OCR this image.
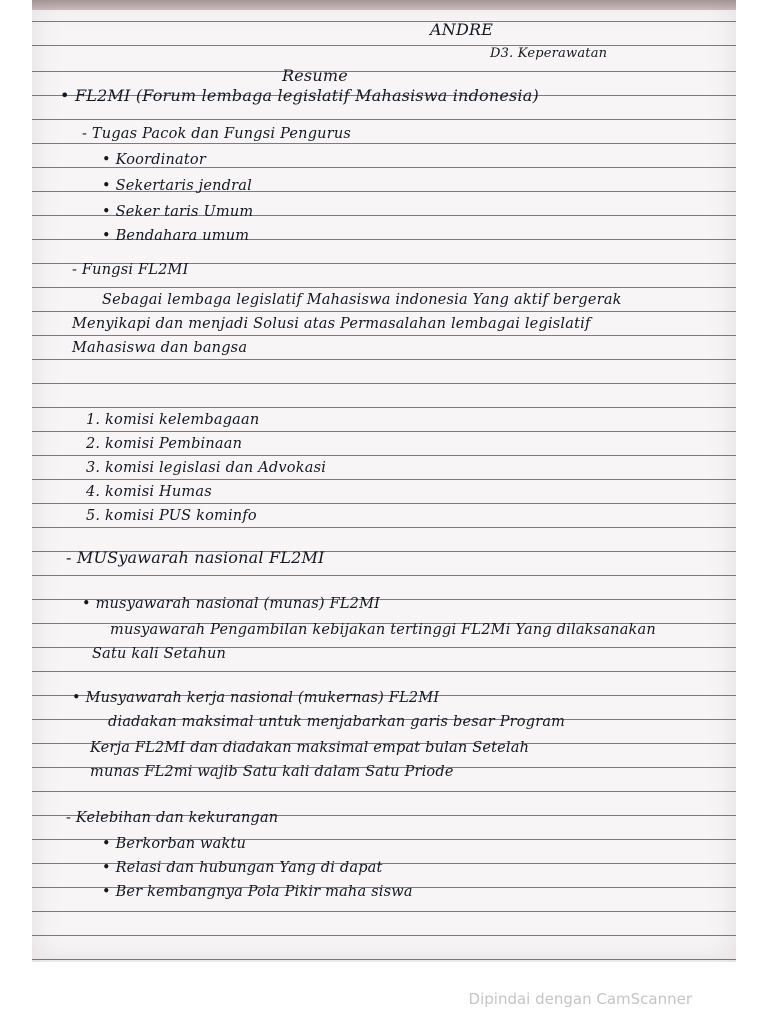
ANDRE
D3. Keperawatan
Resume
• FL2MI (Forum lembaga legislatif Mahasiswa indonesia)
- Tugas Pacok dan Fungsi Pengurus
• Koordinator
• Sekertaris jendral
• Seker taris Umum
• Bendahara umum
- Fungsi FL2MI
Sebagai lembaga legislatif Mahasiswa indonesia Yang aktif bergerak
Menyikapi dan menjadi Solusi atas Permasalahan lembagai legislatif
Mahasiswa dan bangsa
1. komisi kelembagaan
2. komisi Pembinaan
3. komisi legislasi dan Advokasi
4. komisi Humas
5. komisi PUS kominfo
- MUSyawarah nasional FL2MI
• musyawarah nasional (munas) FL2MI
musyawarah Pengambilan kebijakan tertinggi FL2Mi Yang dilaksanakan
Satu kali Setahun
• Musyawarah kerja nasional (mukernas) FL2MI
diadakan maksimal untuk menjabarkan garis besar Program
Kerja FL2MI dan diadakan maksimal empat bulan Setelah
munas FL2mi wajib Satu kali dalam Satu Priode
- Kelebihan dan kekurangan
• Berkorban waktu
• Relasi dan hubungan Yang di dapat
• Ber kembangnya Pola Pikir maha siswa
Dipindai dengan CamScanner
